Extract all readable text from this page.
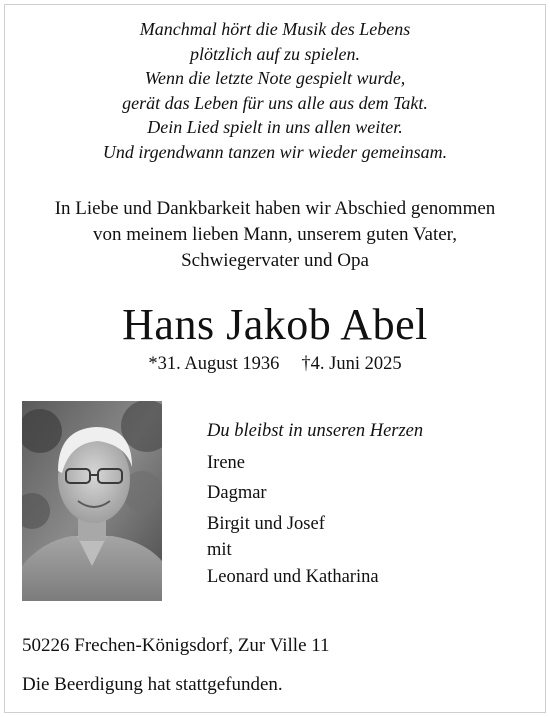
Manchmal hört die Musik des Lebens
plötzlich auf zu spielen.
Wenn die letzte Note gespielt wurde,
gerät das Leben für uns alle aus dem Takt.
Dein Lied spielt in uns allen weiter.
Und irgendwann tanzen wir wieder gemeinsam.
In Liebe und Dankbarkeit haben wir Abschied genommen
von meinem lieben Mann, unserem guten Vater,
Schwiegervater und Opa
Hans Jakob Abel
*31. August 1936 †4. Juni 2025
Du bleibst in unseren Herzen
Irene
Dagmar
Birgit und Josef
mit
Leonard und Katharina
50226 Frechen-Königsdorf, Zur Ville 11
Die Beerdigung hat stattgefunden.
